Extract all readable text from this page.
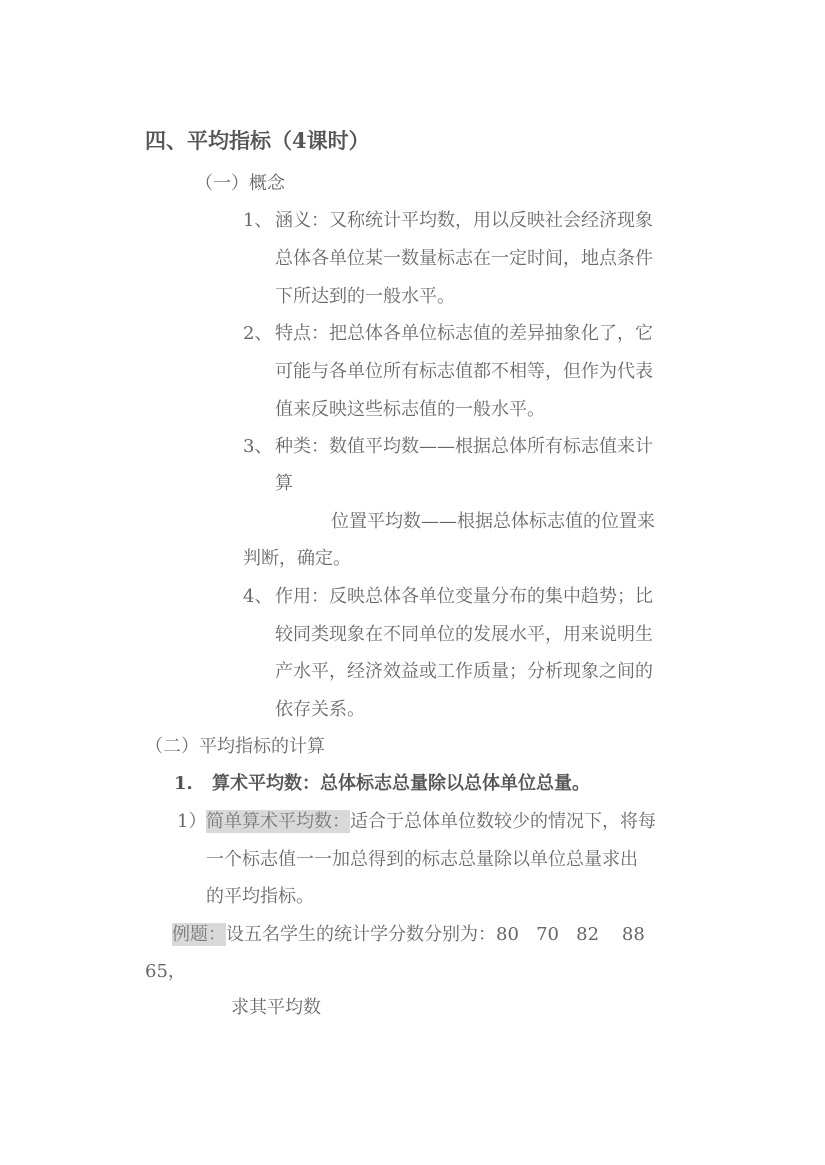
四、平均指标（4课时）
（一）概念
1、 涵义：又称统计平均数，用以反映社会经济现象
总体各单位某一数量标志在一定时间，地点条件
下所达到的一般水平。
2、 特点：把总体各单位标志值的差异抽象化了，它
可能与各单位所有标志值都不相等，但作为代表
值来反映这些标志值的一般水平。
3、 种类：数值平均数——根据总体所有标志值来计
算
位置平均数——根据总体标志值的位置来
判断，确定。
4、 作用：反映总体各单位变量分布的集中趋势；比
较同类现象在不同单位的发展水平，用来说明生
产水平，经济效益或工作质量；分析现象之间的
依存关系。
（二）平均指标的计算
1. 算术平均数：总体标志总量除以总体单位总量。
1） 简单算术平均数：适合于总体单位数较少的情况下，将每
一个标志值一一加总得到的标志总量除以单位总量求出
的平均指标。
例题：设五名学生的统计学分数分别为：80   70   82    88
65，
求其平均数
